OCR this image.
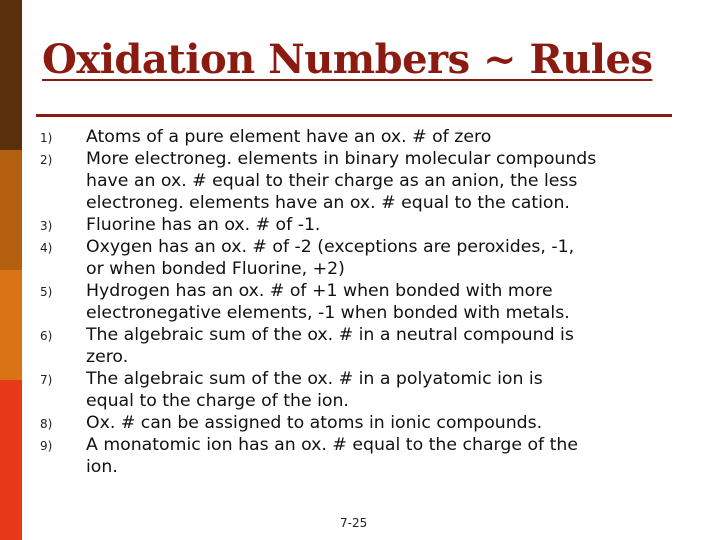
Oxidation Numbers ~ Rules
1) Atoms of a pure element have an ox. # of zero
2) More electroneg. elements in binary molecular compounds
have an ox. # equal to their charge as an anion, the less
electroneg. elements have an ox. # equal to the cation.
3) Fluorine has an ox. # of -1.
4) Oxygen has an ox. # of -2 (exceptions are peroxides, -1,
or when bonded Fluorine, +2)
5) Hydrogen has an ox. # of +1 when bonded with more
electronegative elements, -1 when bonded with metals.
6) The algebraic sum of the ox. # in a neutral compound is
zero.
7) The algebraic sum of the ox. # in a polyatomic ion is
equal to the charge of the ion.
8) Ox. # can be assigned to atoms in ionic compounds.
9) A monatomic ion has an ox. # equal to the charge of the
ion.
7-25
